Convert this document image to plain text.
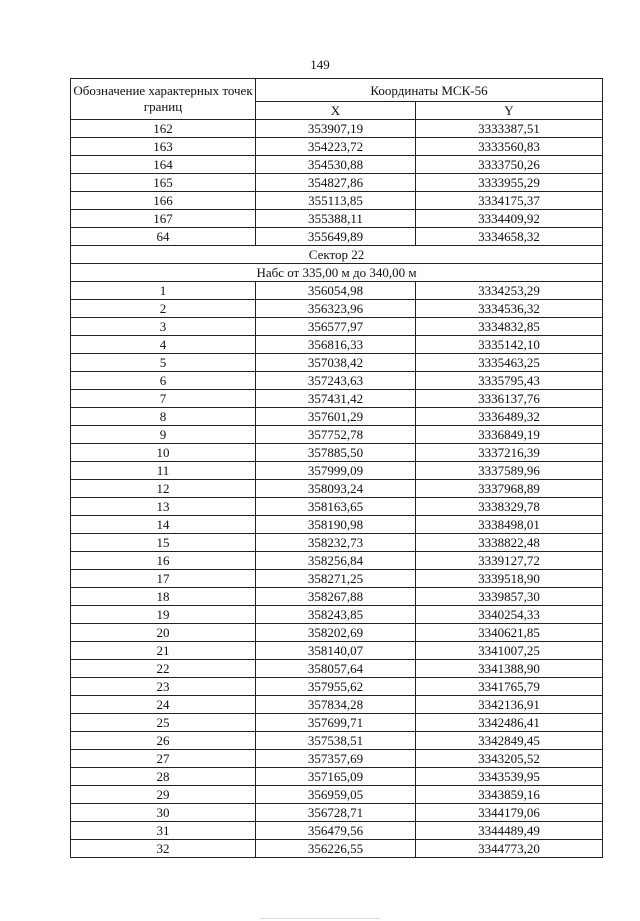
149
Обозначение характерных точек границ	Координаты МСК-56	
	X	Y
162	353907,19	3333387,51
163	354223,72	3333560,83
164	354530,88	3333750,26
165	354827,86	3333955,29
166	355113,85	3334175,37
167	355388,11	3334409,92
64	355649,89	3334658,32
Сектор 22		
Набс от 335,00 м до 340,00 м		
1	356054,98	3334253,29
2	356323,96	3334536,32
3	356577,97	3334832,85
4	356816,33	3335142,10
5	357038,42	3335463,25
6	357243,63	3335795,43
7	357431,42	3336137,76
8	357601,29	3336489,32
9	357752,78	3336849,19
10	357885,50	3337216,39
11	357999,09	3337589,96
12	358093,24	3337968,89
13	358163,65	3338329,78
14	358190,98	3338498,01
15	358232,73	3338822,48
16	358256,84	3339127,72
17	358271,25	3339518,90
18	358267,88	3339857,30
19	358243,85	3340254,33
20	358202,69	3340621,85
21	358140,07	3341007,25
22	358057,64	3341388,90
23	357955,62	3341765,79
24	357834,28	3342136,91
25	357699,71	3342486,41
26	357538,51	3342849,45
27	357357,69	3343205,52
28	357165,09	3343539,95
29	356959,05	3343859,16
30	356728,71	3344179,06
31	356479,56	3344489,49
32	356226,55	3344773,20
